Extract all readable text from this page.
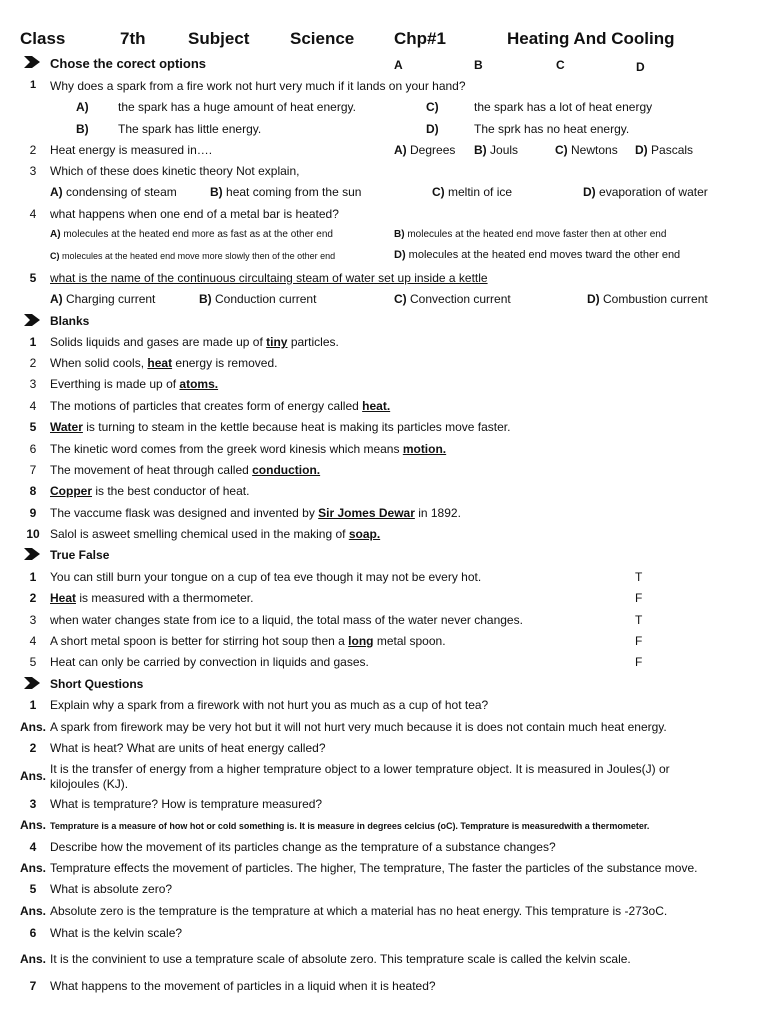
Class	7th	Subject Science Chp#1	Heating And Cooling
Chose the corect options	A	B	C	D
1	Why does a spark from a fire work not hurt very much if it lands on your hand?
A) the spark has a huge amount of heat energy.	C)	the spark has a lot of heat energy
B) The spark has little energy.	D)	The sprk has no heat energy.
2	Heat energy is measured in….	A) Degrees B) Jouls	C) Newtons D) Pascals
3	Which of these does kinetic theory Not explain,
A) condensing of steam	B) heat coming from the sun	C) meltin of ice	D) evaporation of water
4	what happens when one end of a metal bar is heated?
A) molecules at the heated end more as fast as at the other end	B) molecules at the heated end move faster then at other end
C) molecules at the heated end move more slowly then of the other end	D) molecules at the heated end moves tward the other end
5	what is the name of the continuous circultaing steam of water set up inside a kettle
A) Charging current	B) Conduction current	C) Convection current	D) Combustion current
Blanks
1	Solids liquids and gases are made up of tiny particles.
2	When solid cools, heat energy is removed.
3	Everthing is made up of atoms.
4	The motions of particles that creates form of energy called heat.
5	Water is turning to steam in the kettle because heat is making its particles move faster.
6	The kinetic word comes from the greek word kinesis which means motion.
7	The movement of heat through called conduction.
8	Copper is the best conductor of heat.
9	The vaccume flask was designed and invented by Sir Jomes Dewar in 1892.
10 Salol is asweet smelling chemical used in the making of soap.
True False
1	You can still burn your tongue on a cup of tea eve though it may not be every hot.	T
2	Heat is measured with a thermometer.	F
3	when water changes state from ice to a liquid, the total mass of the water never changes.	T
4	A short metal spoon is better for stirring hot soup then a long metal spoon.	F
5	Heat can only be carried by convection in liquids and gases.	F
Short Questions
1	Explain why a spark from a firework with not hurt you as much as a cup of hot tea?
Ans. A spark from firework may be very hot but it will not hurt very much because it is does not contain much heat energy.
2	What is heat? What are units of heat energy called?
Ans. It is the transfer of energy from a higher temprature object to a lower temprature object. It is measured in Joules(J) or
kilojoules (KJ).
3	What is temprature? How is temprature measured?
Ans. Temprature is a measure of how hot or cold something is. It is measure in degrees celcius (oC). Temprature is measuredwith a thermometer.
4	Describe how the movement of its particles change as the temprature of a substance changes?
Ans. Temprature effects the movement of particles. The higher, The temprature, The faster the particles of the substance move.
5	What is absolute zero?
Ans. Absolute zero is the temprature is the temprature at which a material has no heat energy. This temprature is -273oC.
6	What is the kelvin scale?
Ans. It is the convinient to use a temprature scale of absolute zero. This temprature scale is called the kelvin scale.
7	What happens to the movement of particles in a liquid when it is heated?
